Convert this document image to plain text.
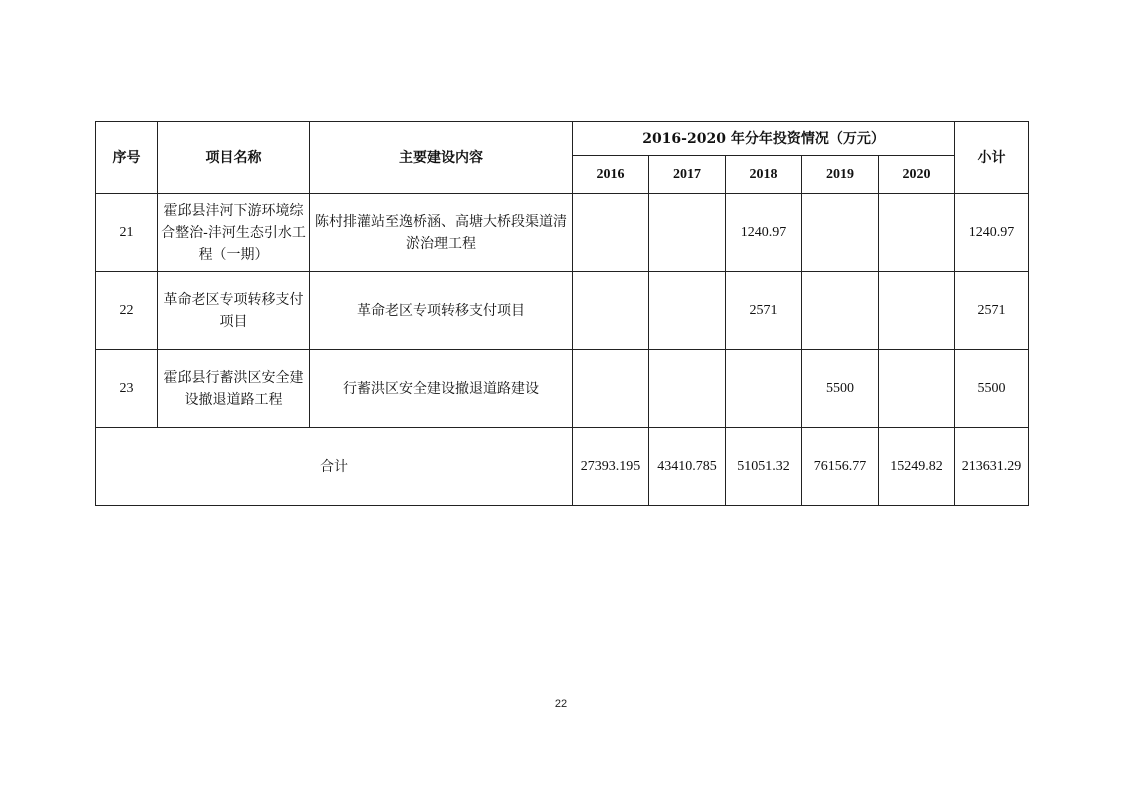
序号	项目名称	主要建设内容	2016-2020 年分年投资情况（万元）					小计
			2016	2017	2018	2019	2020	
21	霍邱县沣河下游环境综合整治-沣河生态引水工程（一期）	陈村排灌站至逸桥涵、高塘大桥段渠道清淤治理工程			1240.97			1240.97
22	革命老区专项转移支付项目	革命老区专项转移支付项目			2571			2571
23	霍邱县行蓄洪区安全建设撤退道路工程	行蓄洪区安全建设撤退道路建设				5500		5500
合计			27393.195	43410.785	51051.32	76156.77	15249.82	213631.29
22
